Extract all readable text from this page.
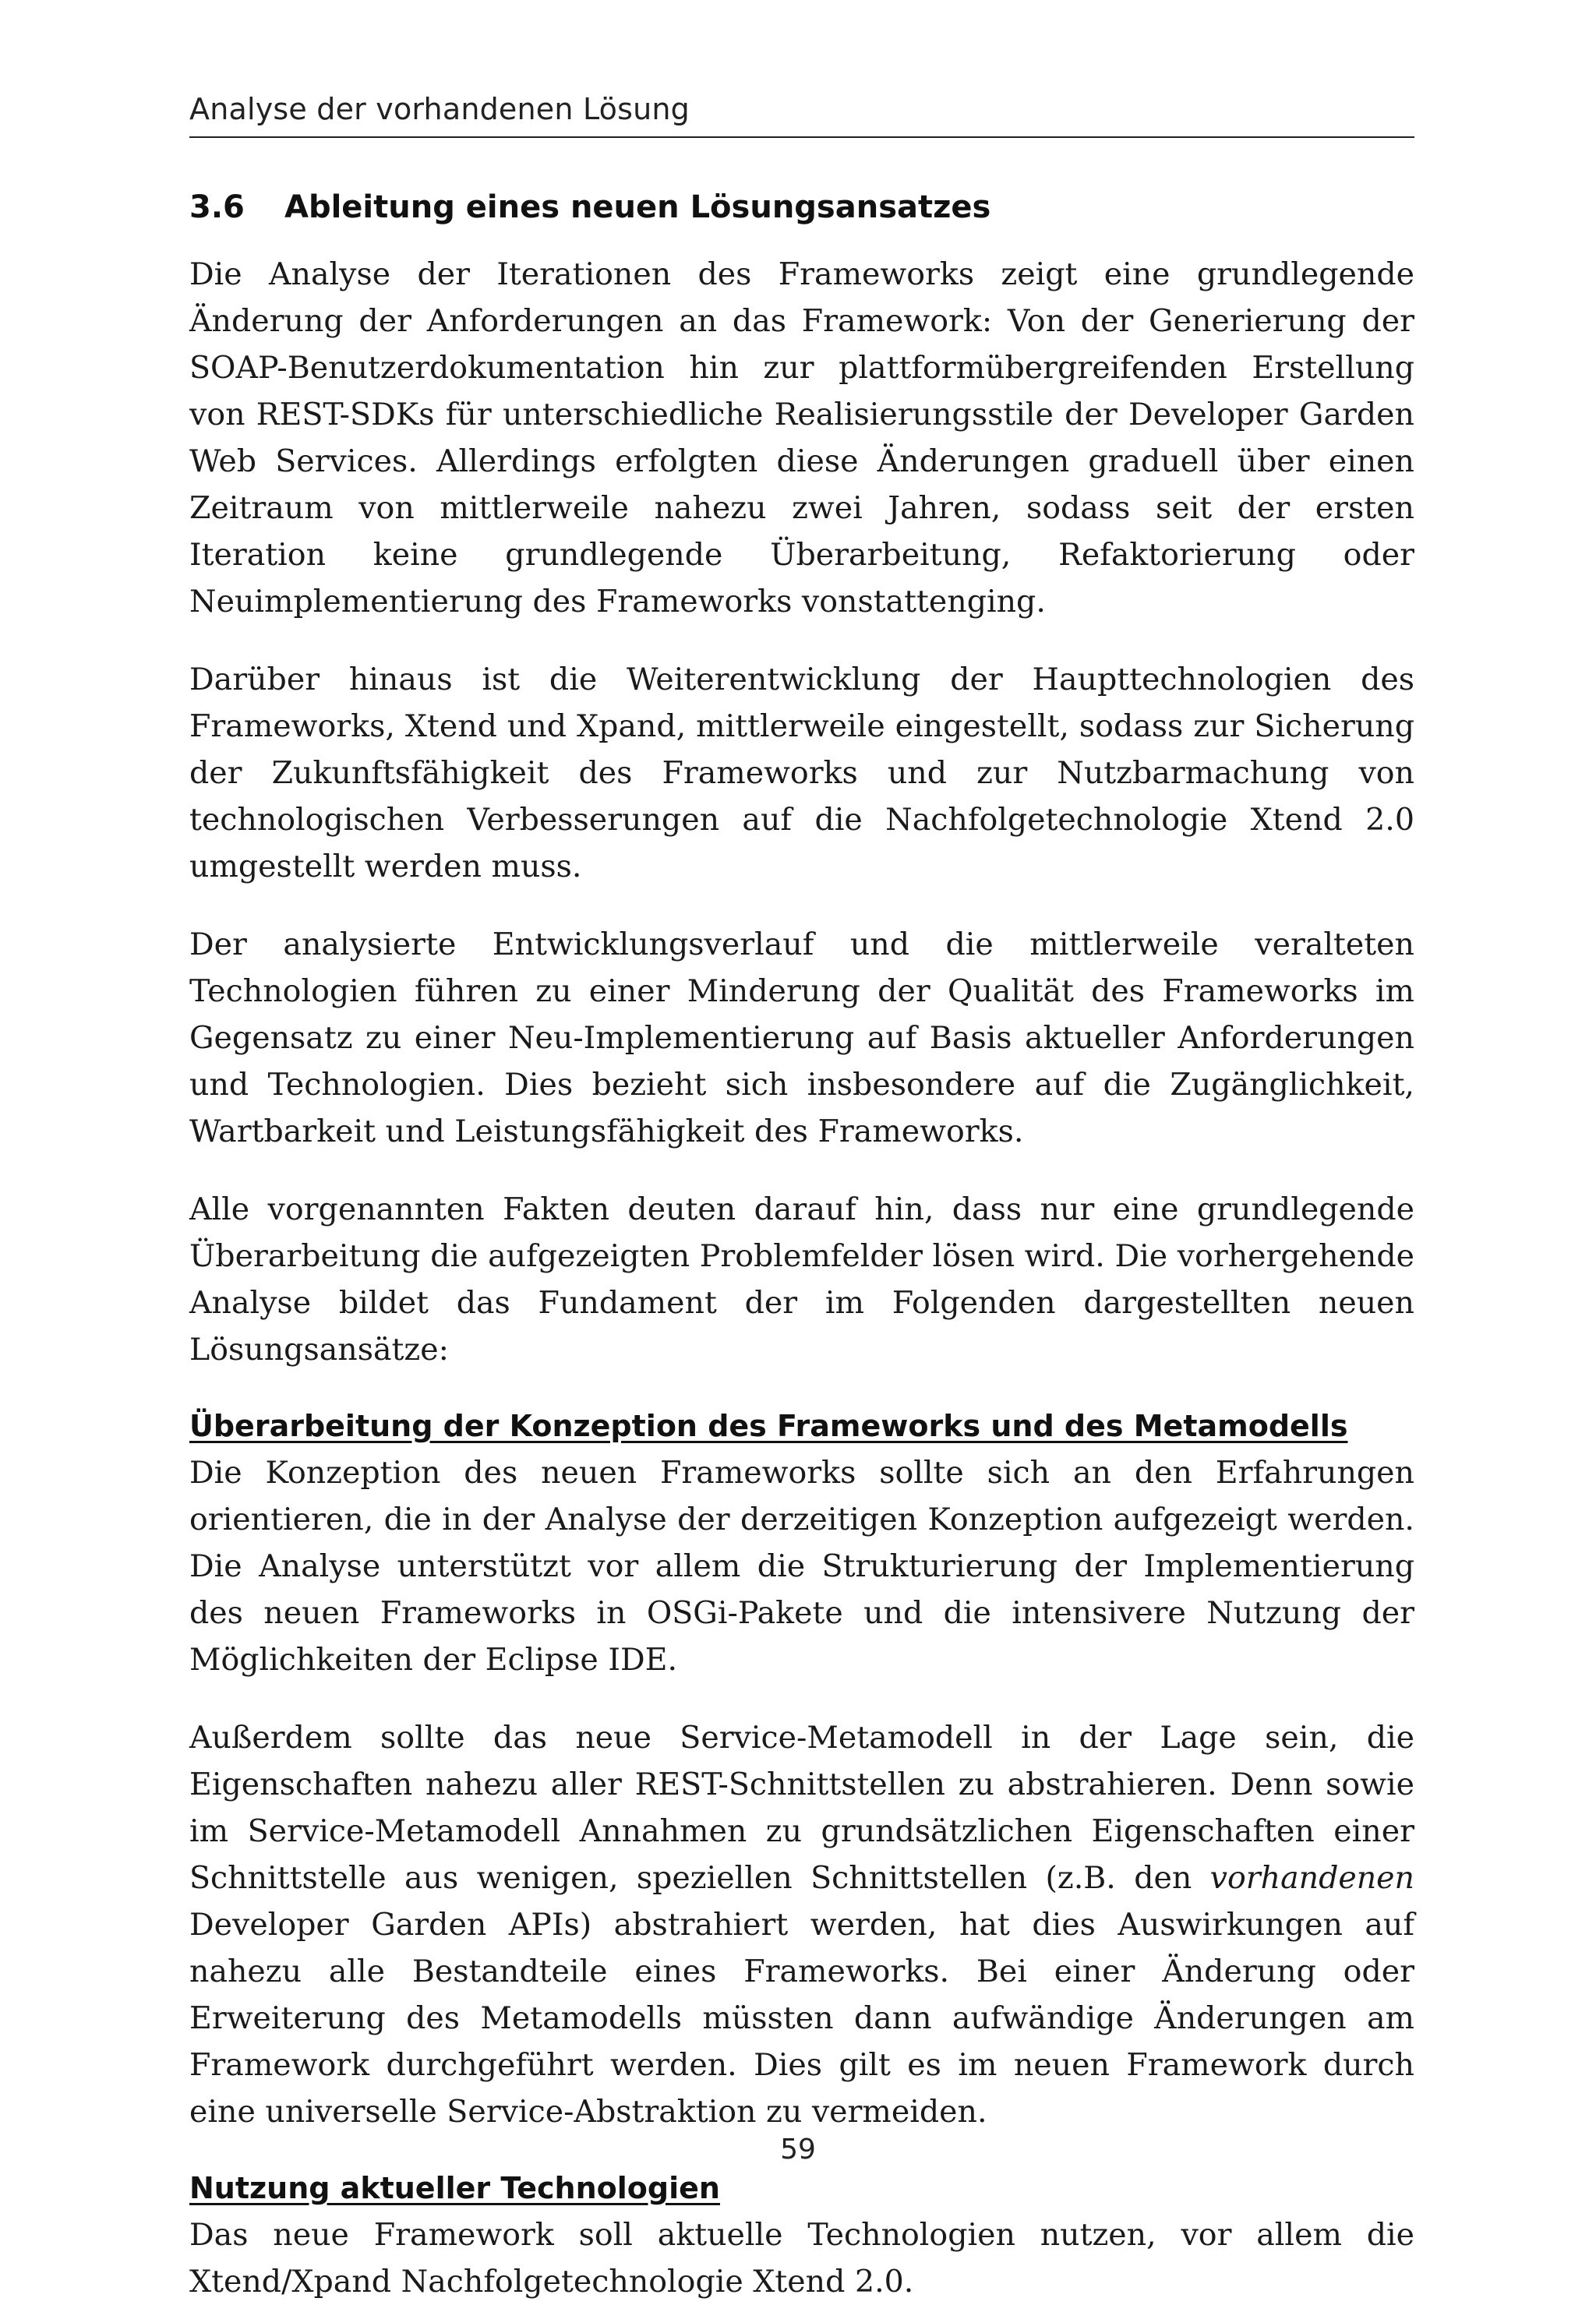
Analyse der vorhandenen Lösung
3.6	Ableitung eines neuen Lösungsansatzes

Die Analyse der Iterationen des Frameworks zeigt eine grundlegende Änderung der Anforderungen an das Framework: Von der Generierung der SOAP-Benutzerdokumentation hin zur plattformübergreifenden Erstellung von REST-SDKs für unterschiedliche Realisierungsstile der Developer Garden Web Services. Allerdings erfolgten diese Änderungen graduell über einen Zeitraum von mittlerweile nahezu zwei Jahren, sodass seit der ersten Iteration keine grundlegende Überarbeitung, Refaktorierung oder Neuimplementierung des Frameworks vonstattenging.

Darüber hinaus ist die Weiterentwicklung der Haupttechnologien des Frameworks, Xtend und Xpand, mittlerweile eingestellt, sodass zur Sicherung der Zukunftsfähigkeit des Frameworks und zur Nutzbarmachung von technologischen Verbesserungen auf die Nachfolgetechnologie Xtend 2.0 umgestellt werden muss.

Der analysierte Entwicklungsverlauf und die mittlerweile veralteten Technologien führen zu einer Minderung der Qualität des Frameworks im Gegensatz zu einer Neu-Implementierung auf Basis aktueller Anforderungen und Technologien. Dies bezieht sich insbesondere auf die Zugänglichkeit, Wartbarkeit und Leistungsfähigkeit des Frameworks.

Alle vorgenannten Fakten deuten darauf hin, dass nur eine grundlegende Überarbeitung die aufgezeigten Problemfelder lösen wird. Die vorhergehende Analyse bildet das Fundament der im Folgenden dargestellten neuen Lösungsansätze:

Überarbeitung der Konzeption des Frameworks und des Metamodells

Die Konzeption des neuen Frameworks sollte sich an den Erfahrungen orientieren, die in der Analyse der derzeitigen Konzeption aufgezeigt werden. Die Analyse unterstützt vor allem die Strukturierung der Implementierung des neuen Frameworks in OSGi-Pakete und die intensivere Nutzung der Möglichkeiten der Eclipse IDE.

Außerdem sollte das neue Service-Metamodell in der Lage sein, die Eigenschaften nahezu aller REST-Schnittstellen zu abstrahieren. Denn sowie im Service-Metamodell Annahmen zu grundsätzlichen Eigenschaften einer Schnittstelle aus wenigen, speziellen Schnittstellen (z.B. den vorhandenen Developer Garden APIs) abstrahiert werden, hat dies Auswirkungen auf nahezu alle Bestandteile eines Frameworks. Bei einer Änderung oder Erweiterung des Metamodells müssten dann aufwändige Änderungen am Framework durchgeführt werden. Dies gilt es im neuen Framework durch eine universelle Service-Abstraktion zu vermeiden.

Nutzung aktueller Technologien

Das neue Framework soll aktuelle Technologien nutzen, vor allem die Xtend/Xpand Nachfolgetechnologie Xtend 2.0.

59
